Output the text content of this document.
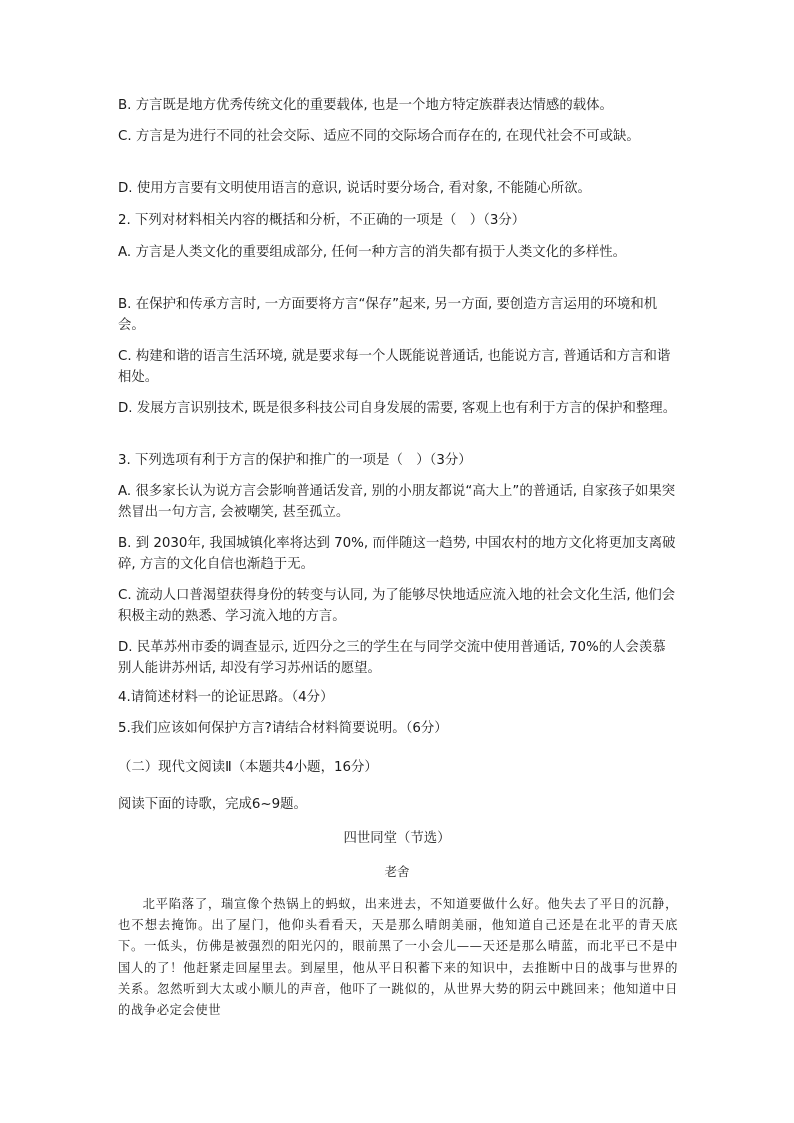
B. 方言既是地方优秀传统文化的重要载体, 也是一个地方特定族群表达情感的载体。

C. 方言是为进行不同的社会交际、适应不同的交际场合而存在的, 在现代社会不可或缺。

D. 使用方言要有文明使用语言的意识, 说话时要分场合, 看对象, 不能随心所欲。

2. 下列对材料相关内容的概括和分析，不正确的一项是（　）（3分）

A. 方言是人类文化的重要组成部分, 任何一种方言的消失都有损于人类文化的多样性。

B. 在保护和传承方言时, 一方面要将方言“保存”起来, 另一方面, 要创造方言运用的环境和机会。

C. 构建和谐的语言生活环境, 就是要求每一个人既能说普通话, 也能说方言, 普通话和方言和谐相处。

D. 发展方言识别技术, 既是很多科技公司自身发展的需要, 客观上也有利于方言的保护和整理。

3. 下列选项有利于方言的保护和推广的一项是（　）（3分）

A. 很多家长认为说方言会影响普通话发音, 别的小朋友都说“高大上”的普通话, 自家孩子如果突然冒出一句方言, 会被嘲笑, 甚至孤立。

B. 到 2030年, 我国城镇化率将达到 70%, 而伴随这一趋势, 中国农村的地方文化将更加支离破碎, 方言的文化自信也渐趋于无。

C. 流动人口普渴望获得身份的转变与认同, 为了能够尽快地适应流入地的社会文化生活, 他们会积极主动的熟悉、学习流入地的方言。

D. 民革苏州市委的调查显示, 近四分之三的学生在与同学交流中使用普通话, 70%的人会羡慕别人能讲苏州话, 却没有学习苏州话的愿望。

4.请简述材料一的论证思路。（4分）

5.我们应该如何保护方言?请结合材料简要说明。（6分）

（二）现代文阅读Ⅱ（本题共4小题，16分）

阅读下面的诗歌，完成6~9题。

四世同堂（节选）

老舍

北平陷落了，瑞宣像个热锅上的蚂蚁，出来进去，不知道要做什么好。他失去了平日的沉静，也不想去掩饰。出了屋门，他仰头看看天，天是那么晴朗美丽，他知道自己还是在北平的青天底下。一低头，仿佛是被强烈的阳光闪的，眼前黑了一小会儿——天还是那么晴蓝，而北平已不是中国人的了！他赶紧走回屋里去。到屋里，他从平日积蓄下来的知识中，去推断中日的战事与世界的关系。忽然听到大太或小顺儿的声音，他吓了一跳似的，从世界大势的阴云中跳回来；他知道中日的战争必定会使世
